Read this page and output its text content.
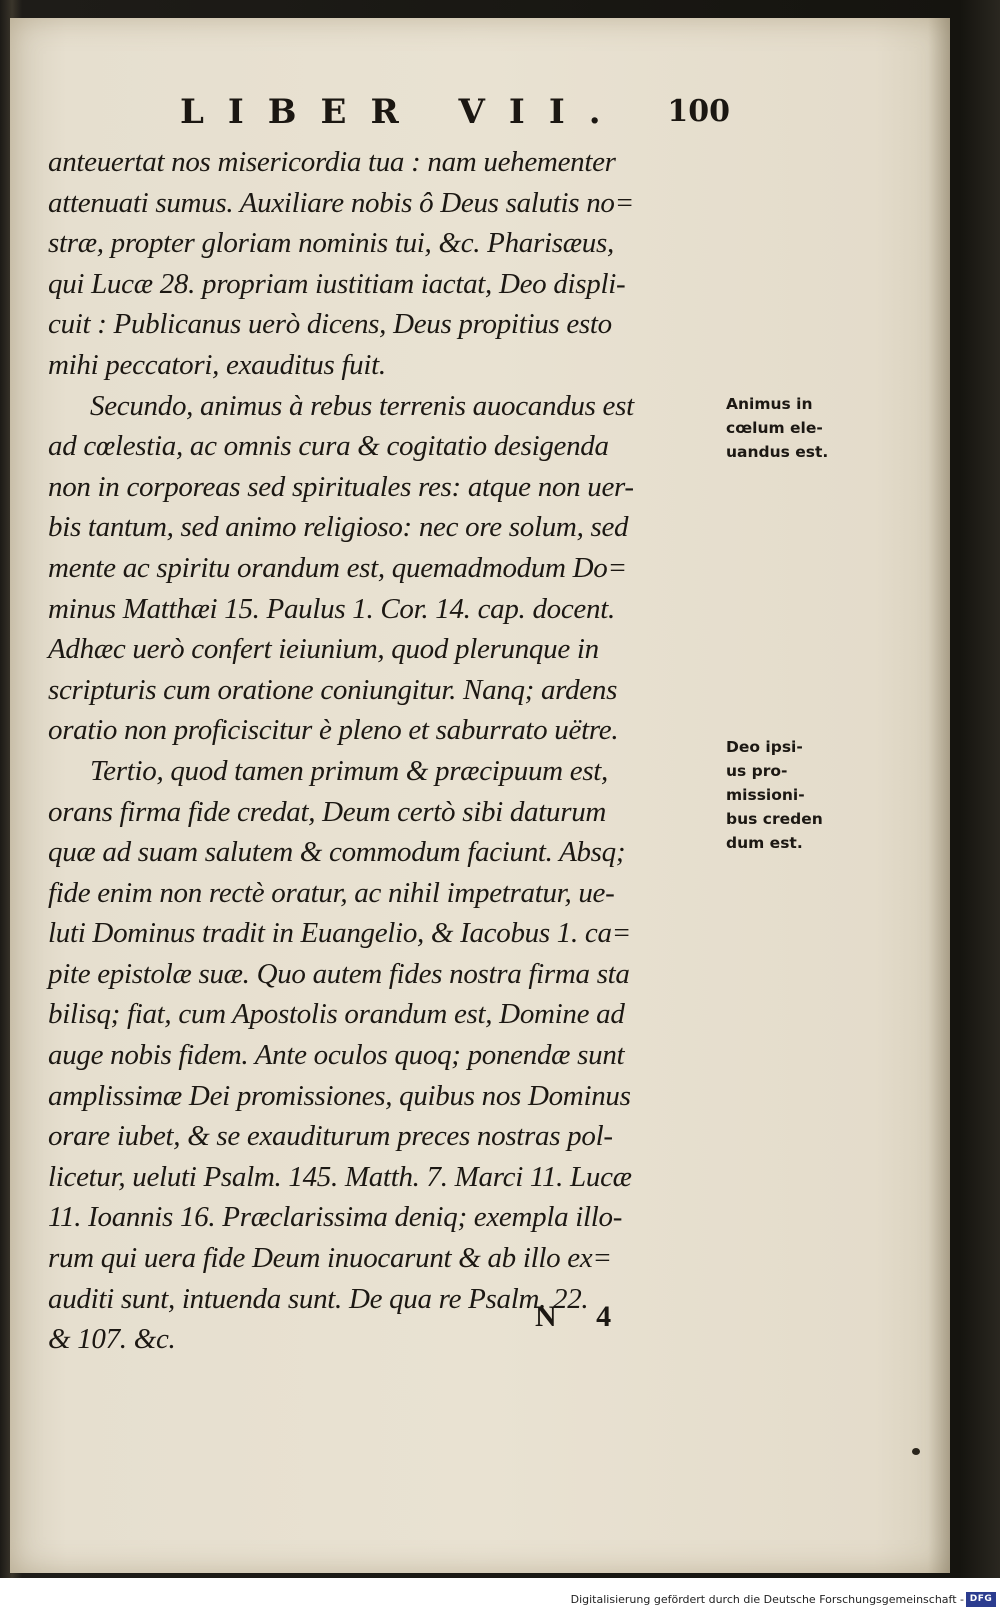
LIBER VII. 100
anteuertat nos misericordia tua : nam uehementer
attenuati sumus. Auxiliare nobis ô Deus salutis no=
stræ, propter gloriam nominis tui, &c. Pharisæus,
qui Lucæ 28. propriam iustitiam iactat, Deo displi-
cuit : Publicanus uerò dicens, Deus propitius esto
mihi peccatori, exauditus fuit.
Secundo, animus à rebus terrenis auocandus est
ad cœlestia, ac omnis cura & cogitatio desigenda
non in corporeas sed spirituales res: atque non uer-
bis tantum, sed animo religioso: nec ore solum, sed
mente ac spiritu orandum est, quemadmodum Do=
minus Matthæi 15. Paulus 1. Cor. 14. cap. docent.
Adhæc uerò confert ieiunium, quod plerunque in
scripturis cum oratione coniungitur. Nanq; ardens
oratio non proficiscitur è pleno et saburrato uëtre.
Tertio, quod tamen primum & præcipuum est,
orans firma fide credat, Deum certò sibi daturum
quæ ad suam salutem & commodum faciunt. Absq;
fide enim non rectè oratur, ac nihil impetratur, ue-
luti Dominus tradit in Euangelio, & Iacobus 1. ca=
pite epistolæ suæ. Quo autem fides nostra firma sta
bilisq; fiat, cum Apostolis orandum est, Domine ad
auge nobis fidem. Ante oculos quoq; ponendæ sunt
amplissimæ Dei promissiones, quibus nos Dominus
orare iubet, & se exauditurum preces nostras pol-
licetur, ueluti Psalm. 145. Matth. 7. Marci 11. Lucæ
11. Ioannis 16. Præclarissima deniq; exempla illo-
rum qui uera fide Deum inuocarunt & ab illo ex=
auditi sunt, intuenda sunt. De qua re Psalm. 22.
& 107. &c.
Animus in
cœlum ele-
uandus est.
Deo ipsi-
us pro-
missioni-
bus creden
dum est.
N 4
Digitalisierung gefördert durch die Deutsche Forschungsgemeinschaft - DFG
